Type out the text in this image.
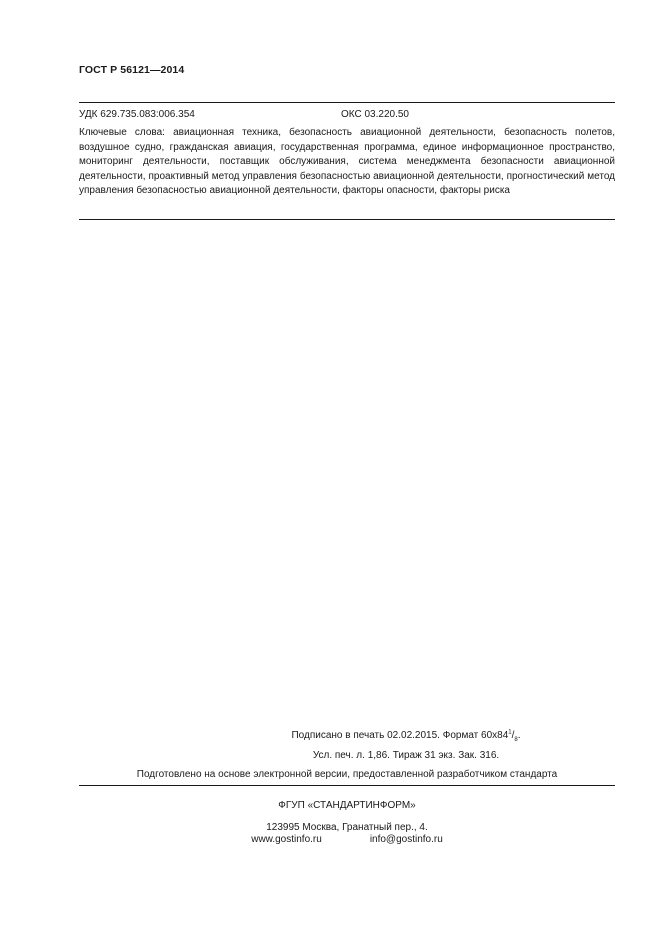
ГОСТ Р 56121—2014
УДК 629.735.083:006.354	ОКС 03.220.50

Ключевые слова: авиационная техника, безопасность авиационной деятельности, безопасность полетов, воздушное судно, гражданская авиация, государственная программа, единое информационное пространство, мониторинг деятельности, поставщик обслуживания, система менеджмента безопасности авиационной деятельности, проактивный метод управления безопасностью авиационной деятельности, прогностический метод управления безопасностью авиационной деятельности, факторы опасности, факторы риска

Подписано в печать 02.02.2015. Формат $60x84^1/_8$.

Усл. печ. л. 1,86. Тираж 31 экз. Зак. 316.

Подготовлено на основе электронной версии, предоставленной разработчиком стандарта

ФГУП «СТАНДАРТИНФОРМ»

123995 Москва, Гранатный пер., 4.

www.gostinfo.ru	info@gostinfo.ru
